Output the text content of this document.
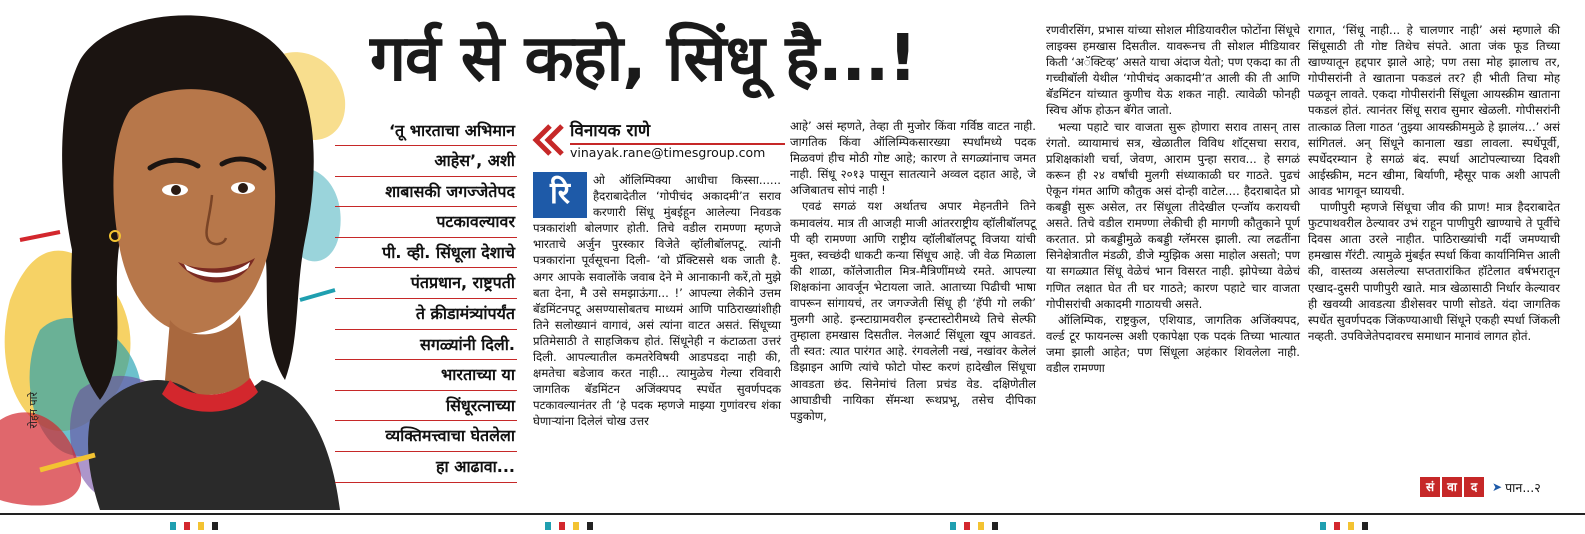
रोहन पारे
गर्व से कहो, सिंधू है...!
‘तू भारताचा अभिमान
आहेस’, अशी
शाबासकी जगज्जेतेपद
पटकावल्यावर
पी. व्ही. सिंधूला देशाचे
पंतप्रधान, राष्ट्रपती
ते क्रीडामंत्र्यांपर्यंत
सगळ्यांनी दिली.
भारताच्या या
सिंधूरत्नाच्या
व्यक्तिमत्त्वाचा घेतलेला
हा आढावा...
विनायक राणे
vinayak.rane@timesgroup.com
रि	ओ ऑलिम्पिक्या आधीचा किस्सा...... हैदराबादेतील ‘गोपीचंद अकादमी’त सराव करणारी सिंधू मुंबईहून आलेल्या निवडक पत्रकारांशी बोलणार होती. तिचे वडील रामण्णा म्हणजे भारताचे अर्जुन पुरस्कार विजेते व्हॉलीबॉलपटू. त्यांनी पत्रकारांना पूर्वसूचना दिली- ‘वो प्रॅक्टिससे थक जाती है. अगर आपके सवालोंके जवाब देने मे आनाकानी करें,तो मुझे बता देना, मै उसे समझाऊंगा... !’ आपल्या लेकीने उत्तम बॅडमिंटनपटू असण्यासोबतच माध्यमं आणि पाठिराख्यांशीही तिने सलोख्यानं वागावं, असं त्यांना वाटत असतं. सिंधूच्या प्रतिमेसाठी ते साहजिकच होतं. सिंधूनेही न कंटाळता उत्तरं दिली. आपल्यातील कमतरेविषयी आडपडदा नाही की, क्षमतेचा बडेजाव करत नाही... त्यामुळेच गेल्या रविवारी जागतिक बॅडमिंटन अजिंक्यपद स्पर्धेत सुवर्णपदक पटकावल्यानंतर ती ‘हे पदक म्हणजे माझ्या गुणांवरच शंका घेणाऱ्यांना दिलेलं चोख उत्तर

आहे’ असं म्हणते, तेव्हा ती मुजोर किंवा गर्विष्ठ वाटत नाही. जागतिक किंवा ऑलिम्पिकसारख्या स्पर्धांमध्ये पदक मिळवणं हीच मोठी गोष्ट आहे; कारण ते सगळ्यांनाच जमत नाही. सिंधू २०१३ पासून सातत्याने अव्वल दहात आहे, जे अजिबातच सोपं नाही !

एवढं सगळं यश अर्थातच अपार मेहनतीने तिने कमावलंय. मात्र ती आजही माजी आंतरराष्ट्रीय व्हॉलीबॉलपटू पी व्ही रामण्णा आणि राष्ट्रीय व्हॉलीबॉलपटू विजया यांची मुक्त, स्वच्छंदी धाकटी कन्या सिंधूच आहे. जी वेळ मिळाला की शाळा, कॉलेजातील मित्र-मैत्रिणींमध्ये रमते. आपल्या शिक्षकांना आवर्जून भेटायला जाते. आताच्या पिढीची भाषा वापरून सांगायचं, तर जगज्जेती सिंधू ही ‘हॅपी गो लकी’ मुलगी आहे. इन्स्टाग्रामवरील इन्स्टास्टोरीमध्ये तिचे सेल्फी तुम्हाला हमखास दिसतील. नेलआर्ट सिंधूला खूप आवडतं. ती स्वत: त्यात पारंगत आहे. रंगवलेली नखं, नखांवर केलेलं डिझाइन आणि त्यांचे फोटो पोस्ट करणं हादेखील सिंधूचा आवडता छंद. सिनेमांचं तिला प्रचंड वेड. दक्षिणेतील आघाडीची नायिका सॅमन्था रूथप्रभू, तसेच दीपिका पडुकोण,

रणवीरसिंग, प्रभास यांच्या सोशल मीडियावरील फोटोंना सिंधूचे लाइक्स हमखास दिसतील. यावरूनच ती सोशल मीडियावर किती ‘अॅक्टिव्ह’ असते याचा अंदाज येतो; पण एकदा का ती गच्चीबॉली येथील ‘गोपीचंद अकादमी’त आली की ती आणि बॅडमिंटन यांच्यात कुणीच येऊ शकत नाही. त्यावेळी फोनही स्विच ऑफ होऊन बॅगेत जातो.

भल्या पहाटे चार वाजता सुरू होणारा सराव तासन् तास रंगतो. व्यायामाचं सत्र, खेळातील विविध शॉट्सचा सराव, प्रशिक्षकांशी चर्चा, जेवण, आराम पुन्हा सराव... हे सगळं करून ही २४ वर्षांची मुलगी संध्याकाळी घर गाठते. पुढचं ऐकून गंमत आणि कौतुक असं दोन्ही वाटेल.... हैदराबादेत प्रो कबड्डी सुरू असेल, तर सिंधूला तीदेखील एन्जॉय करायची असते. तिचे वडील रामण्णा लेकीची ही मागणी कौतुकाने पूर्ण करतात. प्रो कबड्डीमुळे कबड्डी ग्लॅमरस झाली. त्या लढतींना सिनेक्षेत्रातील मंडळी, डीजे म्युझिक असा माहोल असतो; पण या सगळ्यात सिंधू वेळेचं भान विसरत नाही. झोपेच्या वेळेचं गणित लक्षात घेत ती घर गाठते; कारण पहाटे चार वाजता गोपीसरांची अकादमी गाठायची असते.

ऑलिम्पिक, राष्ट्रकुल, एशियाड, जागतिक अजिंक्यपद, वर्ल्ड टूर फायनल्स अशी एकापेक्षा एक पदकं तिच्या भात्यात जमा झाली आहेत; पण सिंधूला अहंकार शिवलेला नाही. वडील रामण्णा

रागात, ‘सिंधू नाही... हे चालणार नाही’ असं म्हणाले की सिंधूसाठी ती गोष्ट तिथेच संपते. आता जंक फूड तिच्या खाण्यातून हद्दपार झाले आहे; पण तसा मोह झालाच तर, गोपीसरांनी ते खाताना पकडलं तर? ही भीती तिचा मोह पळवून लावते. एकदा गोपीसरांनी सिंधूला आयस्क्रीम खाताना पकडलं होतं. त्यानंतर सिंधू सराव सुमार खेळली. गोपीसरांनी तात्काळ तिला गाठत ‘तुझ्या आयस्क्रीममुळे हे झालंय...’ असं सांगितलं. अन् सिंधूने कानाला खडा लावला. स्पर्धेपूर्वी, स्पर्धेदरम्यान हे सगळं बंद. स्पर्धा आटोपल्याच्या दिवशी आईस्क्रीम, मटन खीमा, बिर्याणी, म्हैसूर पाक अशी आपली आवड भागवून घ्यायची.

पाणीपुरी म्हणजे सिंधूचा जीव की प्राण! मात्र हैदराबादेत फुटपाथवरील ठेल्यावर उभं राहून पाणीपुरी खाण्याचे ते पूर्वीचे दिवस आता उरले नाहीत. पाठिराख्यांची गर्दी जमण्याची हमखास गॅरंटी. त्यामुळे मुंबईत स्पर्धा किंवा कार्यानिमित्त आली की, वास्तव्य असलेल्या सप्ततारांकित हॉटेलात वर्षभरातून एखाद-दुसरी पाणीपुरी खाते. मात्र खेळासाठी निर्धार केल्यावर ही खवय्यी आवडत्या डीशेसवर पाणी सोडते. यंदा जागतिक स्पर्धेत सुवर्णपदक जिंकण्याआधी सिंधूने एकही स्पर्धा जिंकली नव्हती. उपविजेतेपदावरच समाधान मानावं लागत होतं.

सं	वा	द	➤ पान...२
